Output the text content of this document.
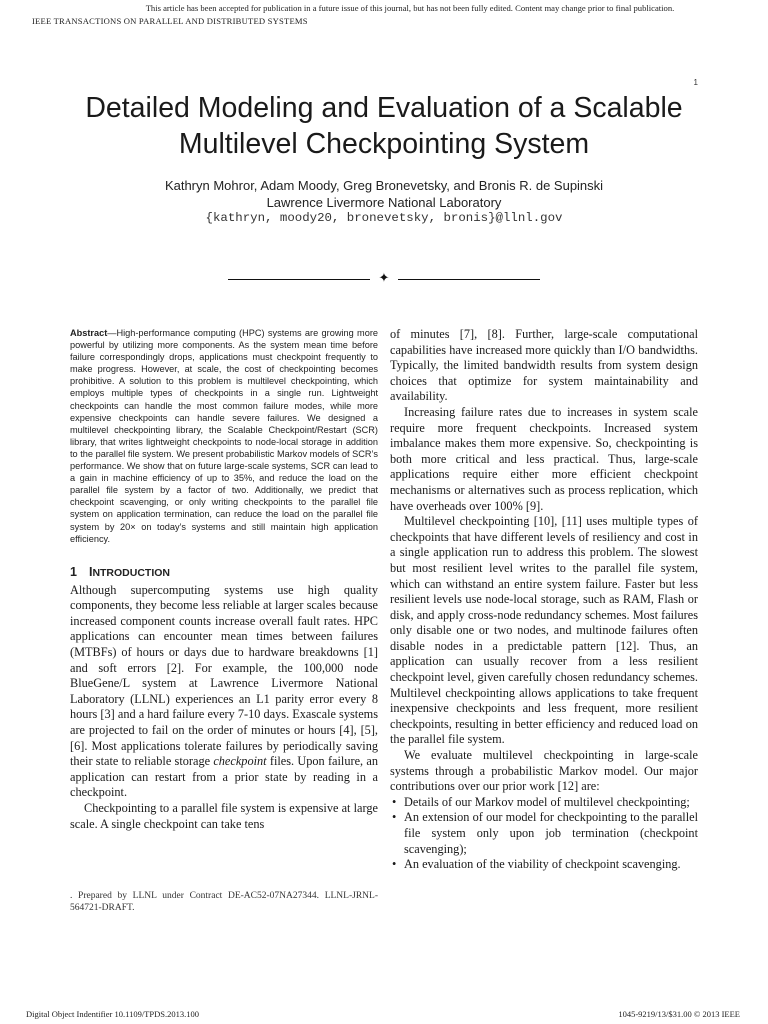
This article has been accepted for publication in a future issue of this journal, but has not been fully edited. Content may change prior to final publication.
IEEE TRANSACTIONS ON PARALLEL AND DISTRIBUTED SYSTEMS
1
Detailed Modeling and Evaluation of a Scalable
Multilevel Checkpointing System
Kathryn Mohror, Adam Moody, Greg Bronevetsky, and Bronis R. de Supinski
Lawrence Livermore National Laboratory
{kathryn, moody20, bronevetsky, bronis}@llnl.gov
✦
Abstract—High-performance computing (HPC) systems are growing more powerful by utilizing more components. As the system mean time before failure correspondingly drops, applications must checkpoint frequently to make progress. However, at scale, the cost of checkpointing becomes prohibitive. A solution to this problem is multilevel checkpointing, which employs multiple types of checkpoints in a single run. Lightweight checkpoints can handle the most common failure modes, while more expensive checkpoints can handle severe failures. We designed a multilevel checkpointing library, the Scalable Checkpoint/Restart (SCR) library, that writes lightweight checkpoints to node-local storage in addition to the parallel file system. We present probabilistic Markov models of SCR’s performance. We show that on future large-scale systems, SCR can lead to a gain in machine efficiency of up to 35%, and reduce the load on the parallel file system by a factor of two. Additionally, we predict that checkpoint scavenging, or only writing checkpoints to the parallel file system on application termination, can reduce the load on the parallel file system by 20× on today’s systems and still maintain high application efficiency.
1 INTRODUCTION

Although supercomputing systems use high quality components, they become less reliable at larger scales because increased component counts increase overall fault rates. HPC applications can encounter mean times between failures (MTBFs) of hours or days due to hardware breakdowns [1] and soft errors [2]. For example, the 100,000 node BlueGene/L system at Lawrence Livermore National Laboratory (LLNL) experiences an L1 parity error every 8 hours [3] and a hard failure every 7-10 days. Exascale systems are projected to fail on the order of minutes or hours [4], [5], [6]. Most applications tolerate failures by periodically saving their state to reliable storage checkpoint files. Upon failure, an application can restart from a prior state by reading in a checkpoint.

Checkpointing to a parallel file system is expensive at large scale. A single checkpoint can take tens

. Prepared by LLNL under Contract DE-AC52-07NA27344. LLNL-JRNL-564721-DRAFT.

of minutes [7], [8]. Further, large-scale computational capabilities have increased more quickly than I/O bandwidths. Typically, the limited bandwidth results from system design choices that optimize for system maintainability and availability.

Increasing failure rates due to increases in system scale require more frequent checkpoints. Increased system imbalance makes them more expensive. So, checkpointing is both more critical and less practical. Thus, large-scale applications require either more efficient checkpoint mechanisms or alternatives such as process replication, which have overheads over 100% [9].

Multilevel checkpointing [10], [11] uses multiple types of checkpoints that have different levels of resiliency and cost in a single application run to address this problem. The slowest but most resilient level writes to the parallel file system, which can withstand an entire system failure. Faster but less resilient levels use node-local storage, such as RAM, Flash or disk, and apply cross-node redundancy schemes. Most failures only disable one or two nodes, and multinode failures often disable nodes in a predictable pattern [12]. Thus, an application can usually recover from a less resilient checkpoint level, given carefully chosen redundancy schemes. Multilevel checkpointing allows applications to take frequent inexpensive checkpoints and less frequent, more resilient checkpoints, resulting in better efficiency and reduced load on the parallel file system.

We evaluate multilevel checkpointing in large-scale systems through a probabilistic Markov model. Our major contributions over our prior work [12] are:

• Details of our Markov model of multilevel checkpointing;
• An extension of our model for checkpointing to the parallel file system only upon job termination (checkpoint scavenging);
• An evaluation of the viability of checkpoint scavenging.
Digital Object Indentifier 10.1109/TPDS.2013.100	1045-9219/13/$31.00 © 2013 IEEE
